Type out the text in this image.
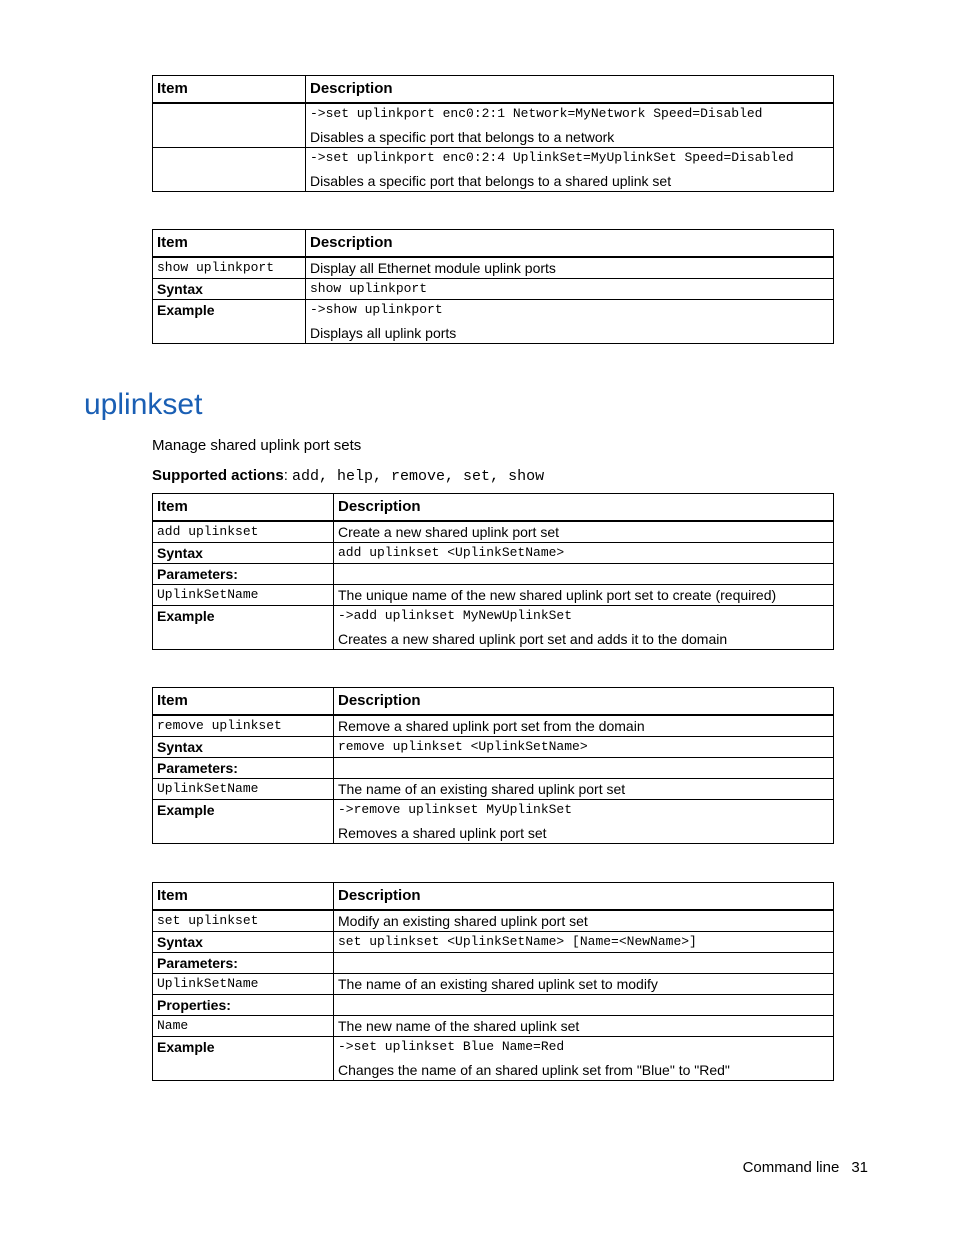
Item	Description

	->set uplinkport enc0:2:1 Network=MyNetwork Speed=Disabled
Disables a specific port that belongs to a network

	->set uplinkport enc0:2:4 UplinkSet=MyUplinkSet Speed=Disabled
Disables a specific port that belongs to a shared uplink set
Item	Description
show uplinkport	Display all Ethernet module uplink ports
Syntax	show uplinkport
Example	->show uplinkport
Displays all uplink ports
uplinkset

Manage shared uplink port sets

Supported actions: add, help, remove, set, show

Item	Description
add uplinkset	Create a new shared uplink port set
Syntax	add uplinkset <UplinkSetName>
Parameters:	
UplinkSetName	The unique name of the new shared uplink port set to create (required)
Example	->add uplinkset MyNewUplinkSet
Creates a new shared uplink port set and adds it to the domain
Item	Description
remove uplinkset	Remove a shared uplink port set from the domain
Syntax	remove uplinkset <UplinkSetName>
Parameters:	
UplinkSetName	The name of an existing shared uplink port set
Example	->remove uplinkset MyUplinkSet
Removes a shared uplink port set
Item	Description
set uplinkset	Modify an existing shared uplink port set
Syntax	set uplinkset <UplinkSetName> [Name=<NewName>]
Parameters:	
UplinkSetName	The name of an existing shared uplink set to modify
Properties:	
Name	The new name of the shared uplink set
Example	->set uplinkset Blue Name=Red
Changes the name of an shared uplink set from "Blue" to "Red"
Command line 31
